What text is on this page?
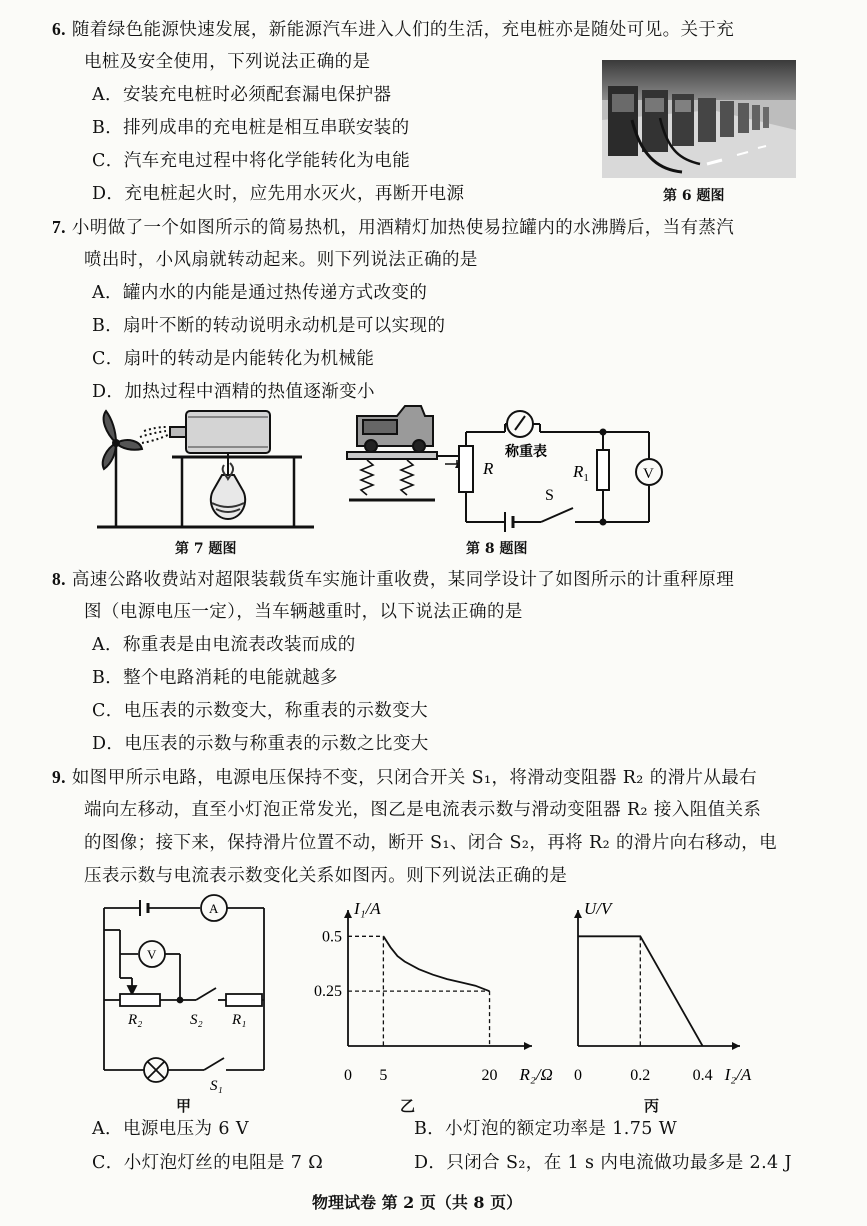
6. 随着绿色能源快速发展，新能源汽车进入人们的生活，充电桩亦是随处可见。关于充
电桩及安全使用，下列说法正确的是
A．安装充电桩时必须配套漏电保护器
B．排列成串的充电桩是相互串联安装的
C．汽车充电过程中将化学能转化为电能
D．充电桩起火时，应先用水灭火，再断开电源	第 6 题图
7. 小明做了一个如图所示的简易热机，用酒精灯加热使易拉罐内的水沸腾后，当有蒸汽
喷出时，小风扇就转动起来。则下列说法正确的是
A．罐内水的内能是通过热传递方式改变的
B．扇叶不断的转动说明永动机是可以实现的
C．扇叶的转动是内能转化为机械能
D．加热过程中酒精的热值逐渐变小
第 7 题图
R
称重表
$R_1$
S
V
第 8 题图
8. 高速公路收费站对超限装载货车实施计重收费，某同学设计了如图所示的计重秤原理
图（电源电压一定），当车辆越重时，以下说法正确的是
A．称重表是由电流表改装而成的
B．整个电路消耗的电能就越多
C．电压表的示数变大，称重表的示数变大
D．电压表的示数与称重表的示数之比变大
9. 如图甲所示电路，电源电压保持不变，只闭合开关 S₁，将滑动变阻器 R₂ 的滑片从最右
端向左移动，直至小灯泡正常发光，图乙是电流表示数与滑动变阻器 R₂ 接入阻值关系
的图像；接下来，保持滑片位置不动，断开 S₁、闭合 S₂，再将 R₂ 的滑片向右移动，电
压表示数与电流表示数变化关系如图丙。则下列说法正确的是
A
V
R₂	S₂ R₁
S₁
甲
I₁/A
R₂/Ω
0 5	20
0.5
0.25
乙
U/V
I₂/A
0	0.2	0.4
丙
A．电源电压为 6 V	B．小灯泡的额定功率是 1.75 W
C．小灯泡灯丝的电阻是 7 Ω	D．只闭合 S₂，在 1 s 内电流做功最多是 2.4 J
物理试卷 第 2 页（共 8 页）
